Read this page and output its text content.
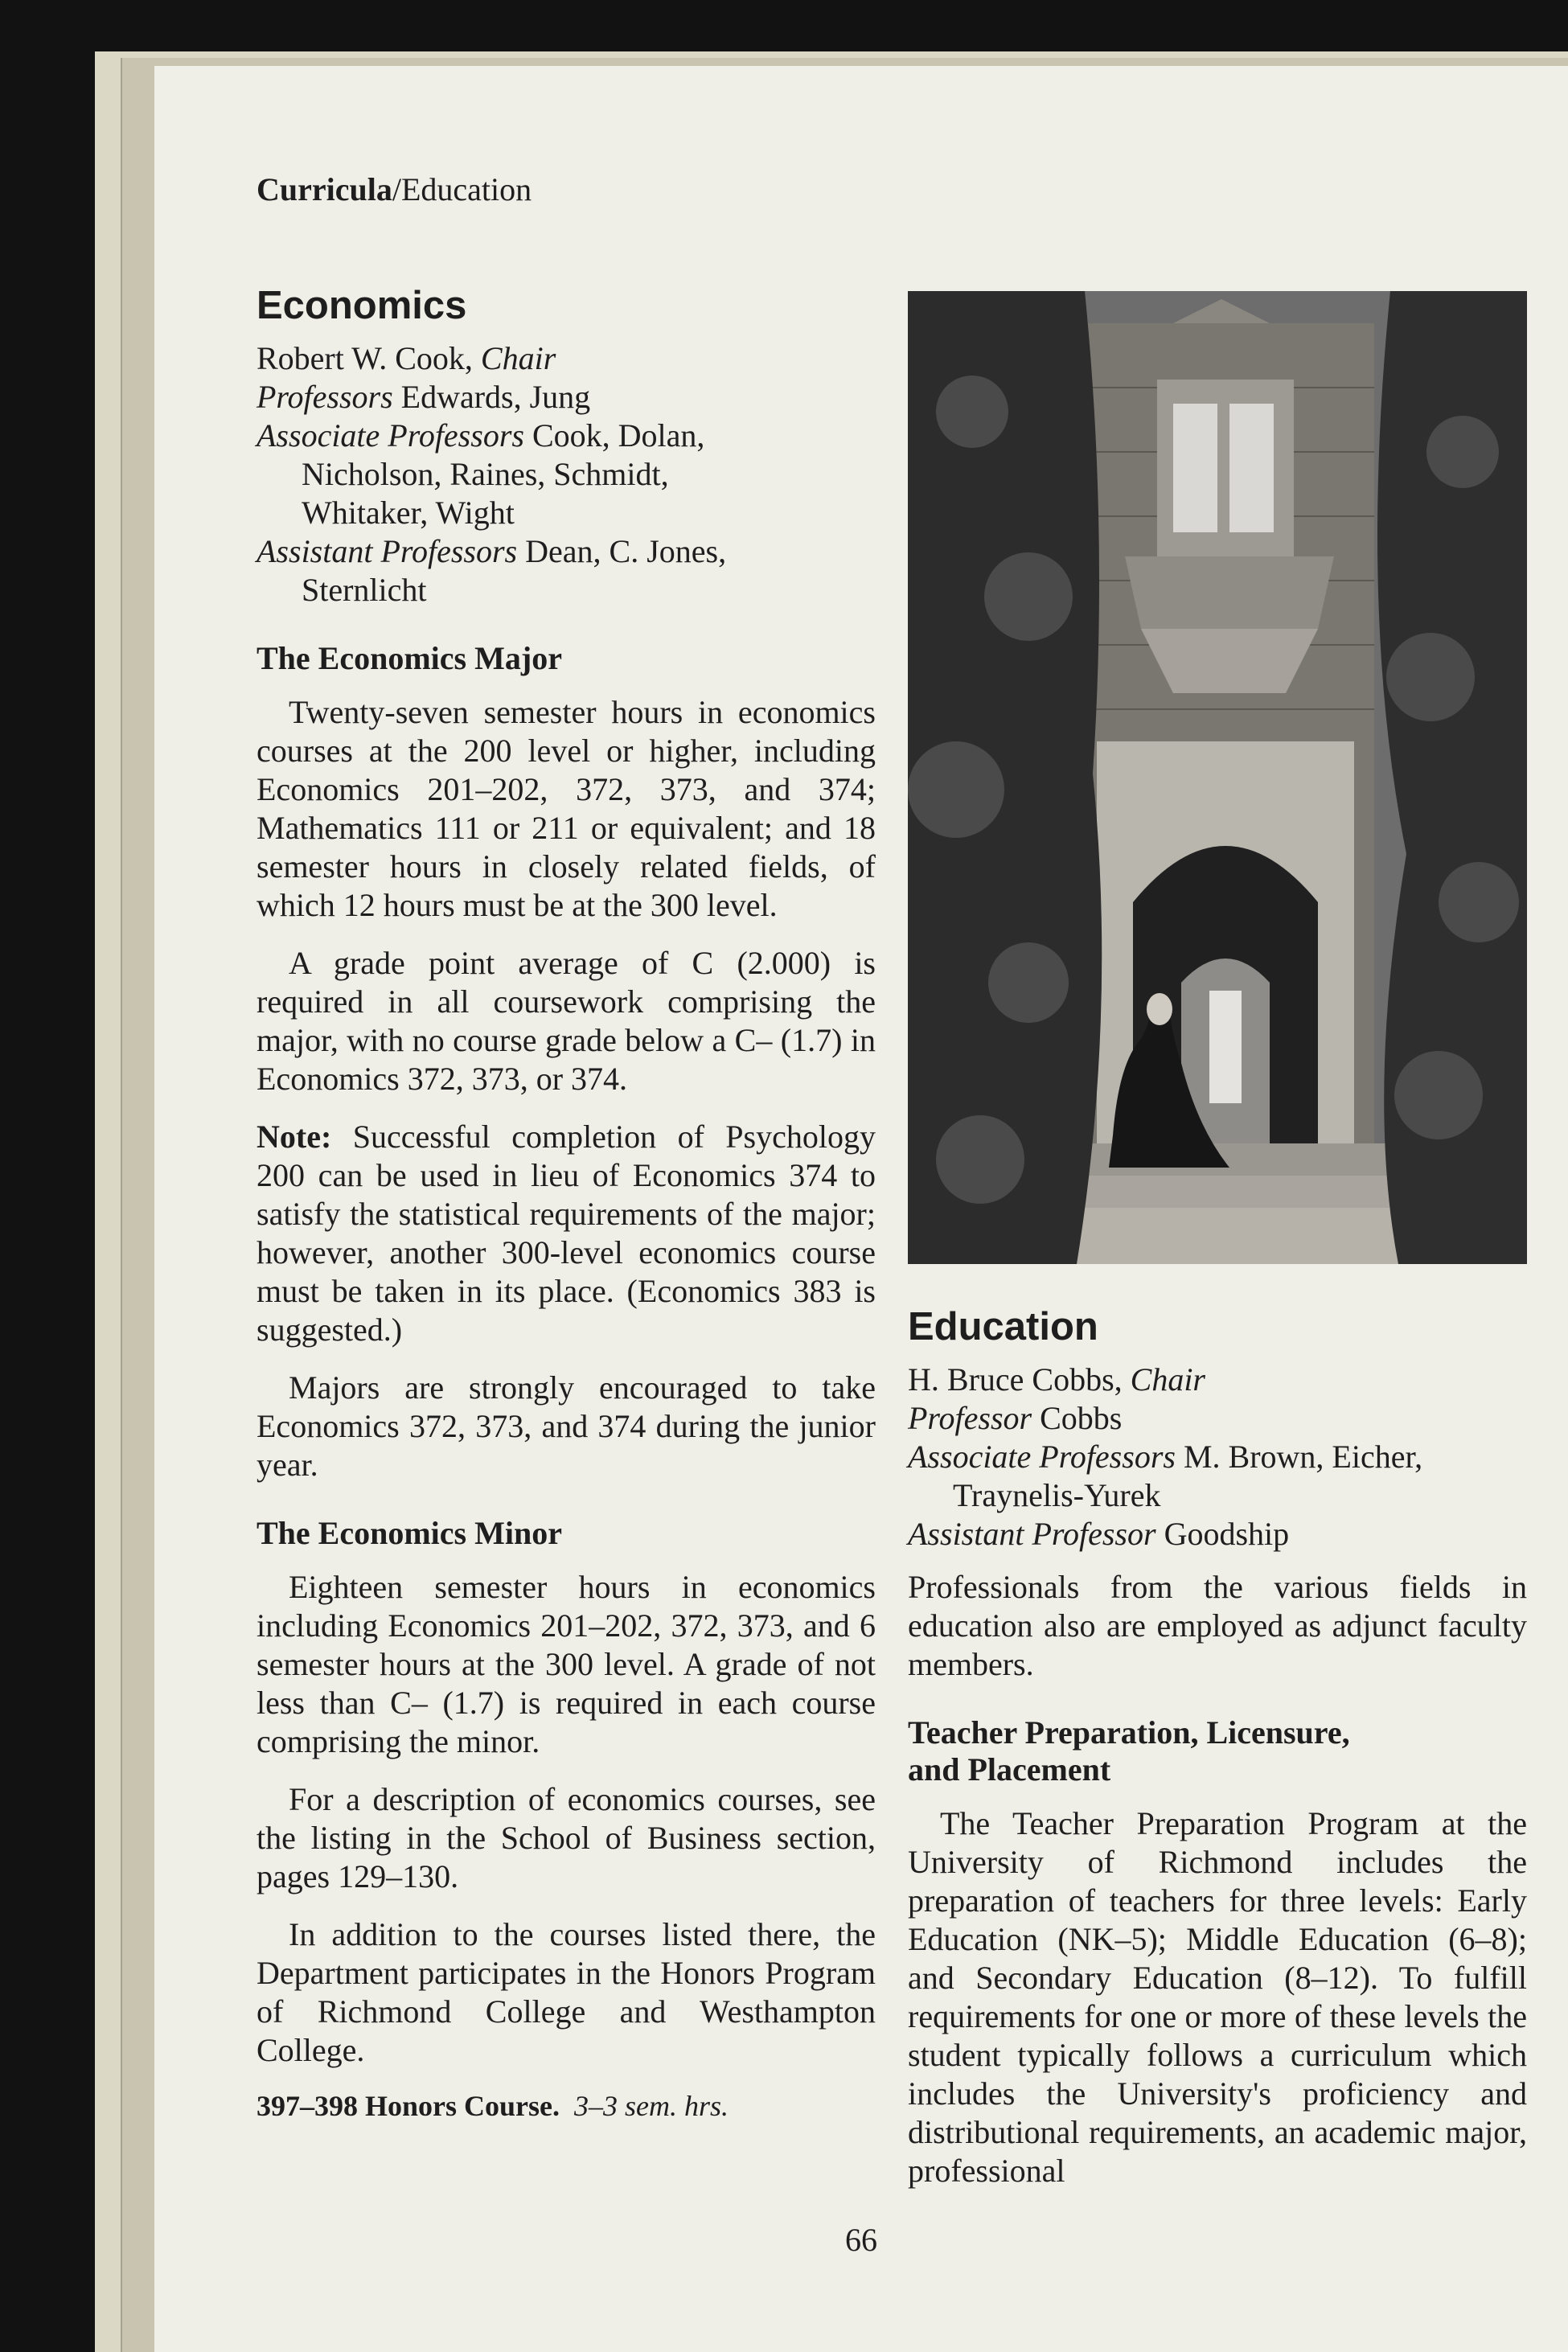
Curricula/Education
Economics
Robert W. Cook, Chair
Professors Edwards, Jung
Associate Professors Cook, Dolan,
Nicholson, Raines, Schmidt,
Whitaker, Wight
Assistant Professors Dean, C. Jones,
Sternlicht
The Economics Major

Twenty-seven semester hours in economics courses at the 200 level or higher, including Economics 201–202, 372, 373, and 374; Mathematics 111 or 211 or equivalent; and 18 semester hours in closely related fields, of which 12 hours must be at the 300 level.

A grade point average of C (2.000) is required in all coursework comprising the major, with no course grade below a C– (1.7) in Economics 372, 373, or 374.

Note: Successful completion of Psychology 200 can be used in lieu of Economics 374 to satisfy the statistical requirements of the major; however, another 300-level economics course must be taken in its place. (Economics 383 is suggested.)

Majors are strongly encouraged to take Economics 372, 373, and 374 during the junior year.

The Economics Minor

Eighteen semester hours in economics including Economics 201–202, 372, 373, and 6 semester hours at the 300 level. A grade of not less than C– (1.7) is required in each course comprising the minor.

For a description of economics courses, see the listing in the School of Business section, pages 129–130.

In addition to the courses listed there, the Department participates in the Honors Program of Richmond College and Westhampton College.

397–398 Honors Course. 3–3 sem. hrs.
Education
H. Bruce Cobbs, Chair
Professor Cobbs
Associate Professors M. Brown, Eicher,
Traynelis-Yurek
Assistant Professor Goodship

Professionals from the various fields in education also are employed as adjunct faculty members.

Teacher Preparation, Licensure,
and Placement

The Teacher Preparation Program at the University of Richmond includes the preparation of teachers for three levels: Early Education (NK–5); Middle Education (6–8); and Secondary Education (8–12). To fulfill requirements for one or more of these levels the student typically follows a curriculum which includes the University's proficiency and distributional requirements, an academic major, professional

66
